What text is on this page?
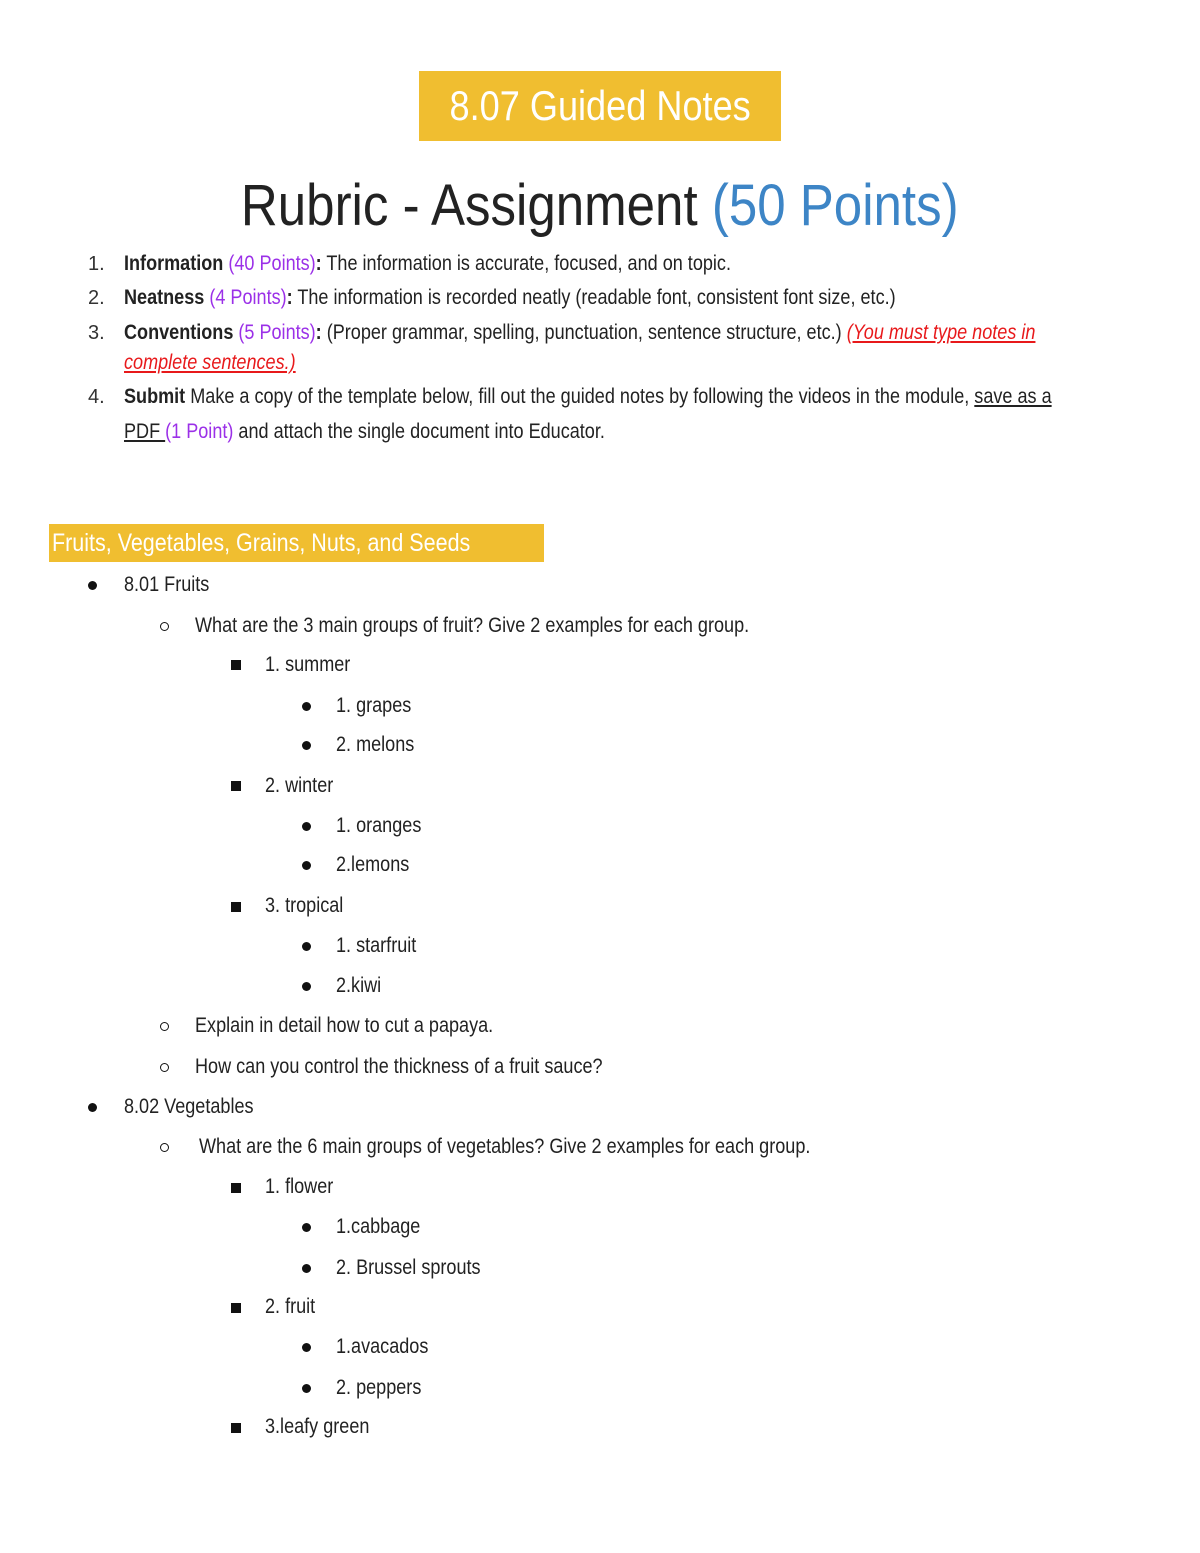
8.07 Guided Notes
Rubric - Assignment (50 Points)
1. Information (40 Points): The information is accurate, focused, and on topic.
2. Neatness (4 Points): The information is recorded neatly (readable font, consistent font size, etc.)
3. Conventions (5 Points): (Proper grammar, spelling, punctuation, sentence structure, etc.) (You must type notes in
complete sentences.)
4. Submit Make a copy of the template below, fill out the guided notes by following the videos in the module, save as a
PDF (1 Point) and attach the single document into Educator.
Fruits, Vegetables, Grains, Nuts, and Seeds
8.01 Fruits
What are the 3 main groups of fruit? Give 2 examples for each group.
1. summer
1. grapes
2. melons
2. winter
1. oranges
2.lemons
3. tropical
1. starfruit
2.kiwi
Explain in detail how to cut a papaya.
How can you control the thickness of a fruit sauce?
8.02 Vegetables
What are the 6 main groups of vegetables? Give 2 examples for each group.
1. flower
1.cabbage
2. Brussel sprouts
2. fruit
1.avacados
2. peppers
3.leafy green
